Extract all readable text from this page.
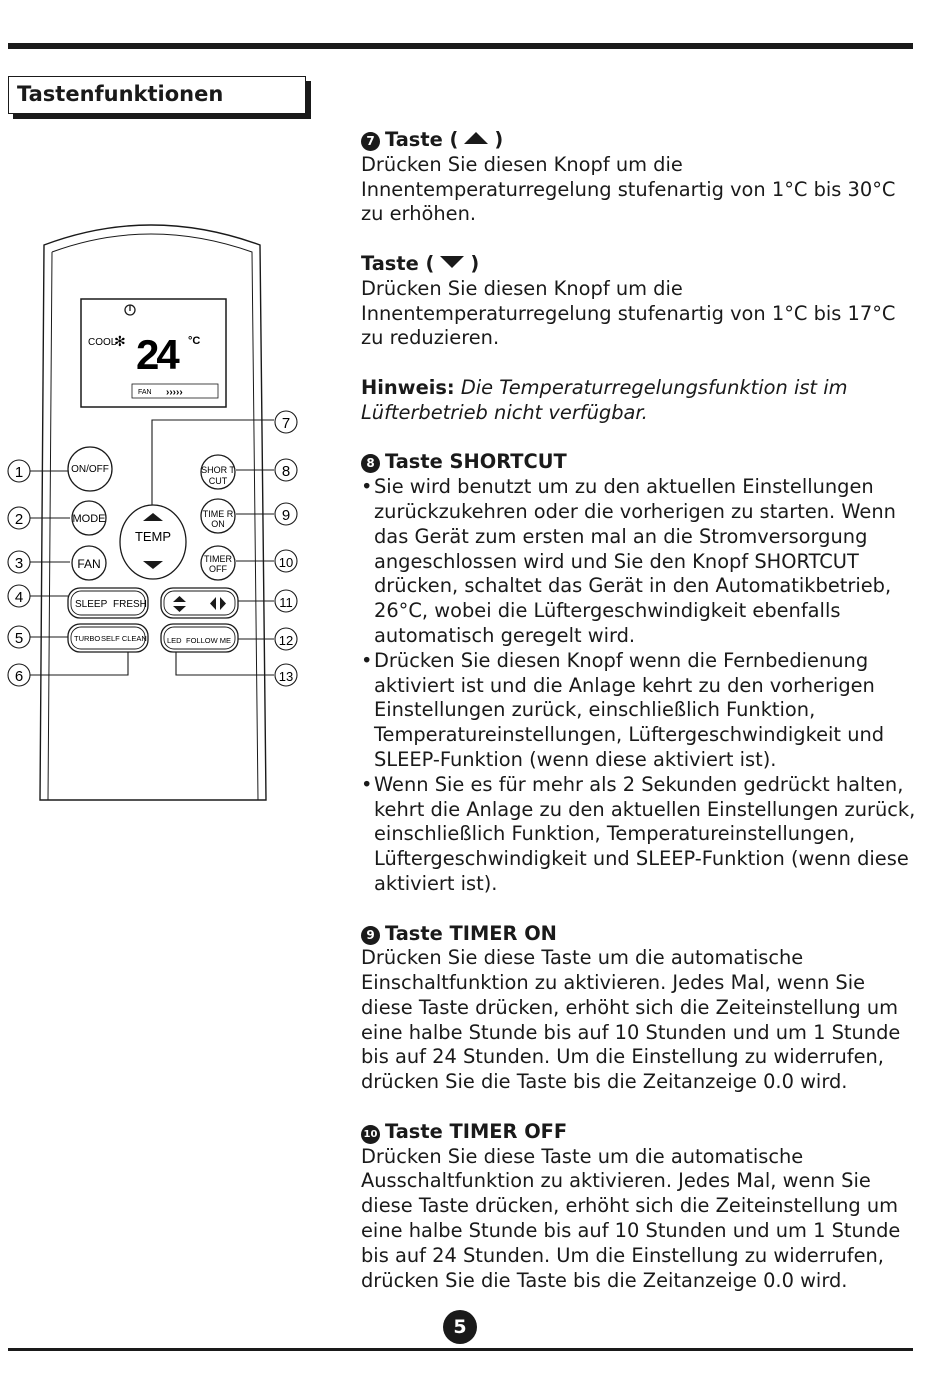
Tastenfunktionen
COOL
✻ 24	°C
FAN ›››››
ON/OFF
MODE
FAN
TEMP
SHOR T
CUT
TIME R
ON
TIMER
OFF
SLEEP FRESH
TURBO SELF CLEAN	LED FOLLOW ME
1
2
3
4
5
6
7
8
9
10
11
12
13

7 Taste ( )

Drücken Sie diesen Knopf um die Innentemperaturregelung stufenartig von 1°C bis 30°C zu erhöhen.

Taste ( )

Drücken Sie diesen Knopf um die Innentemperaturregelung stufenartig von 1°C bis 17°C zu reduzieren.

Hinweis: Die Temperaturregelungsfunktion ist im Lüfterbetrieb nicht verfügbar.

8 Taste SHORTCUT

• Sie wird benutzt um zu den aktuellen Einstellungen zurückzukehren oder die vorherigen zu starten. Wenn das Gerät zum ersten mal an die Stromversorgung angeschlossen wird und Sie den Knopf SHORTCUT drücken, schaltet das Gerät in den Automatikbetrieb, 26°C, wobei die Lüftergeschwindigkeit ebenfalls automatisch geregelt wird.
• Drücken Sie diesen Knopf wenn die Fernbedienung aktiviert ist und die Anlage kehrt zu den vorherigen Einstellungen zurück, einschließlich Funktion, Temperatureinstellungen, Lüftergeschwindigkeit und SLEEP-Funktion (wenn diese aktiviert ist).
• Wenn Sie es für mehr als 2 Sekunden gedrückt halten, kehrt die Anlage zu den aktuellen Einstellungen zurück, einschließlich Funktion, Temperatureinstellungen, Lüftergeschwindigkeit und SLEEP-Funktion (wenn diese aktiviert ist).

9 Taste TIMER ON

Drücken Sie diese Taste um die automatische Einschaltfunktion zu aktivieren. Jedes Mal, wenn Sie diese Taste drücken, erhöht sich die Zeiteinstellung um eine halbe Stunde bis auf 10 Stunden und um 1 Stunde bis auf 24 Stunden. Um die Einstellung zu widerrufen, drücken Sie die Taste bis die Zeitanzeige 0.0 wird.

10 Taste TIMER OFF

Drücken Sie diese Taste um die automatische Ausschaltfunktion zu aktivieren. Jedes Mal, wenn Sie diese Taste drücken, erhöht sich die Zeiteinstellung um eine halbe Stunde bis auf 10 Stunden und um 1 Stunde bis auf 24 Stunden. Um die Einstellung zu widerrufen, drücken Sie die Taste bis die Zeitanzeige 0.0 wird.

5
